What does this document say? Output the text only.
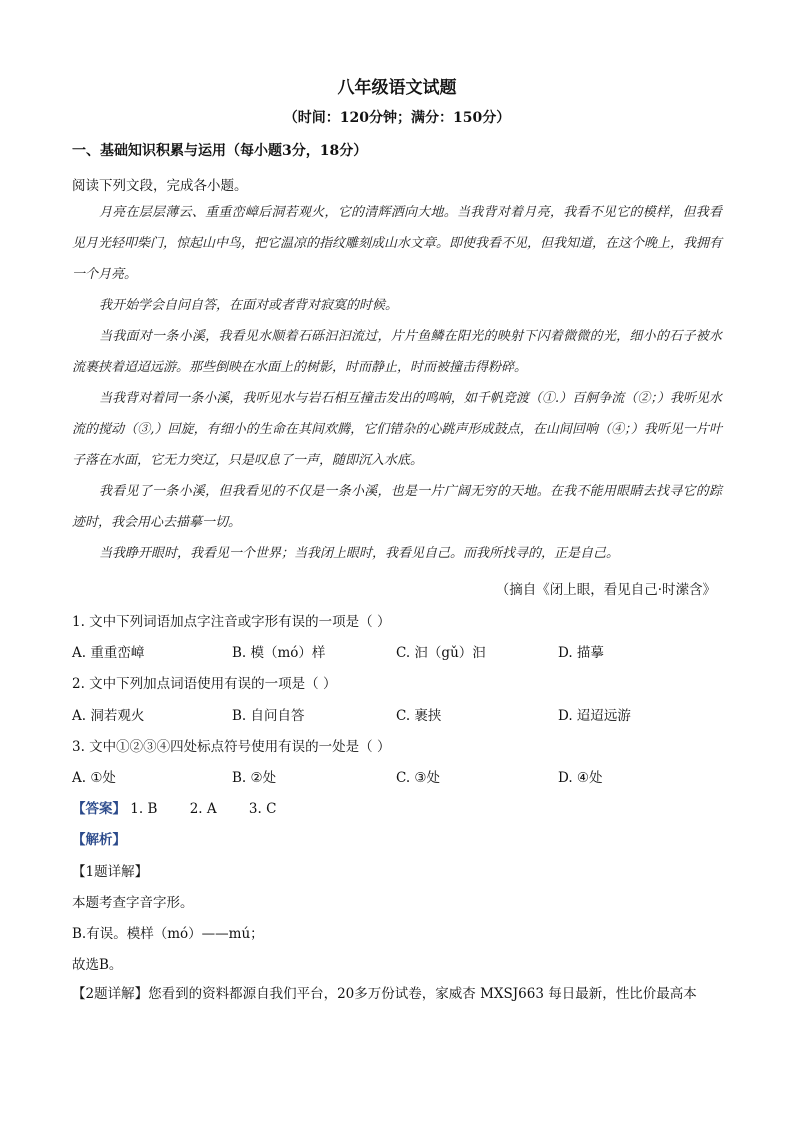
八年级语文试题
（时间：120分钟；满分：150分）
一、基础知识积累与运用（每小题3分，18分）
阅读下列文段，完成各小题。

月亮在层层薄云、重重峦嶂后洞若观火，它的清辉洒向大地。当我背对着月亮，我看不见它的模样，但我看见月光轻叩柴门，惊起山中鸟，把它温凉的指纹雕刻成山水文章。即使我看不见，但我知道，在这个晚上，我拥有一个月亮。

我开始学会自问自答，在面对或者背对寂寞的时候。

当我面对一条小溪，我看见水顺着石砾汩汩流过，片片鱼鳞在阳光的映射下闪着微微的光，细小的石子被水流裹挟着迢迢远游。那些倒映在水面上的树影，时而静止，时而被撞击得粉碎。

当我背对着同一条小溪，我听见水与岩石相互撞击发出的鸣响，如千帆竞渡（①.）百舸争流（②；）我听见水流的搅动（③,）回旋，有细小的生命在其间欢腾，它们错杂的心跳声形成鼓点，在山间回响（④；）我听见一片叶子落在水面，它无力突辽，只是叹息了一声，随即沉入水底。

我看见了一条小溪，但我看见的不仅是一条小溪，也是一片广阔无穷的天地。在我不能用眼睛去找寻它的踪迹时，我会用心去描摹一切。

当我睁开眼时，我看见一个世界；当我闭上眼时，我看见自己。而我所找寻的，正是自己。

（摘自《闭上眼，看见自己·时潆含》
1. 文中下列词语加点字注音或字形有误的一项是（ ）
A. 重重峦嶂	B. 模（mó）样	C. 汩（gǔ）汩	D. 描摹
2. 文中下列加点词语使用有误的一项是（ ）
A. 洞若观火	B. 自问自答	C. 裹挟	D. 迢迢远游
3. 文中①②③④四处标点符号使用有误的一处是（ ）
A. ①处	B. ②处	C. ③处	D. ④处
【答案】 1. B 2. A 3. C
【解析】
【1题详解】
本题考查字音字形。
B.有误。模样（mó）——mú；
故选B。
【2题详解】您看到的资料都源自我们平台，20多万份试卷，家威杏 MXSJ663 每日最新，性比价最高本
